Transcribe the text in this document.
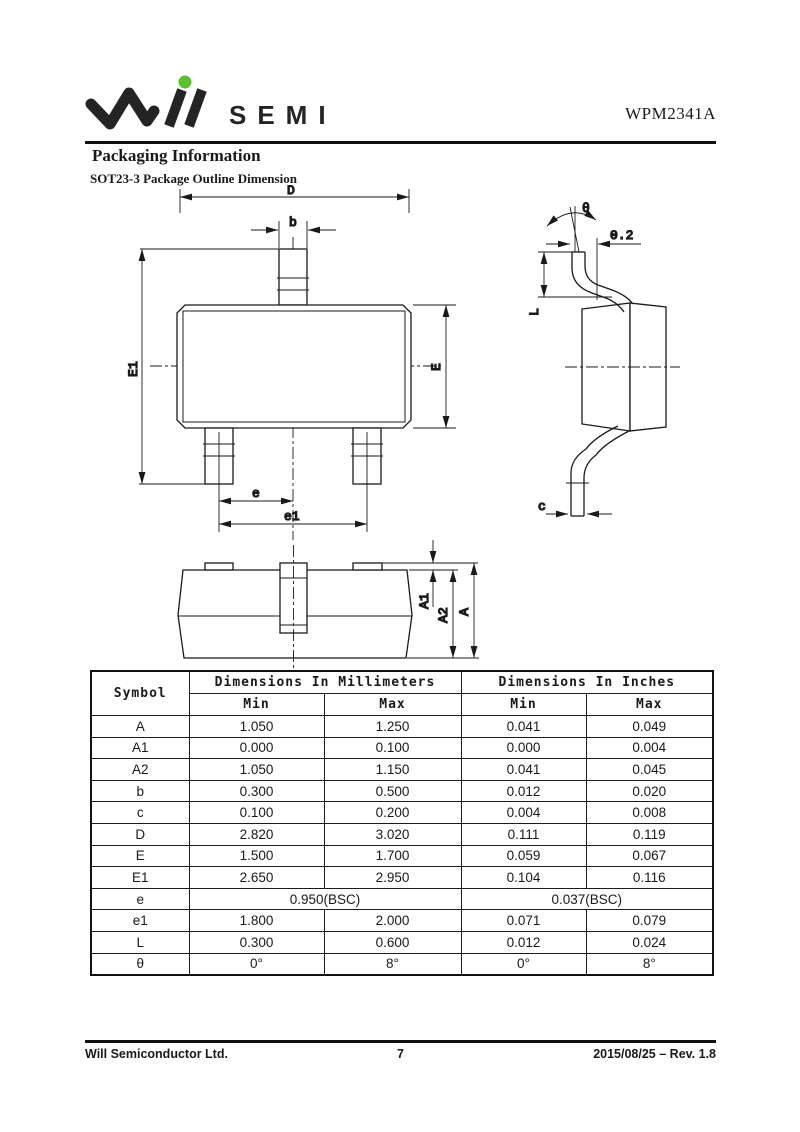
SEMI	WPM2341A
Packaging Information
SOT23-3 Package Outline Dimension
D
b
E1	E
e
e1
θ
0.2
L
c
A1
A2 A
Symbol	Dimensions In Millimeters		Dimensions In Inches	
	Min	Max	Min	Max
A	1.050	1.250	0.041	0.049
A1	0.000	0.100	0.000	0.004
A2	1.050	1.150	0.041	0.045
b	0.300	0.500	0.012	0.020
c	0.100	0.200	0.004	0.008
D	2.820	3.020	0.111	0.119
E	1.500	1.700	0.059	0.067
E1	2.650	2.950	0.104	0.116
e	0.950(BSC)		0.037(BSC)	
e1	1.800	2.000	0.071	0.079
L	0.300	0.600	0.012	0.024
θ	0°	8°	0°	8°
7
Will Semiconductor Ltd.	2015/08/25 – Rev. 1.8
